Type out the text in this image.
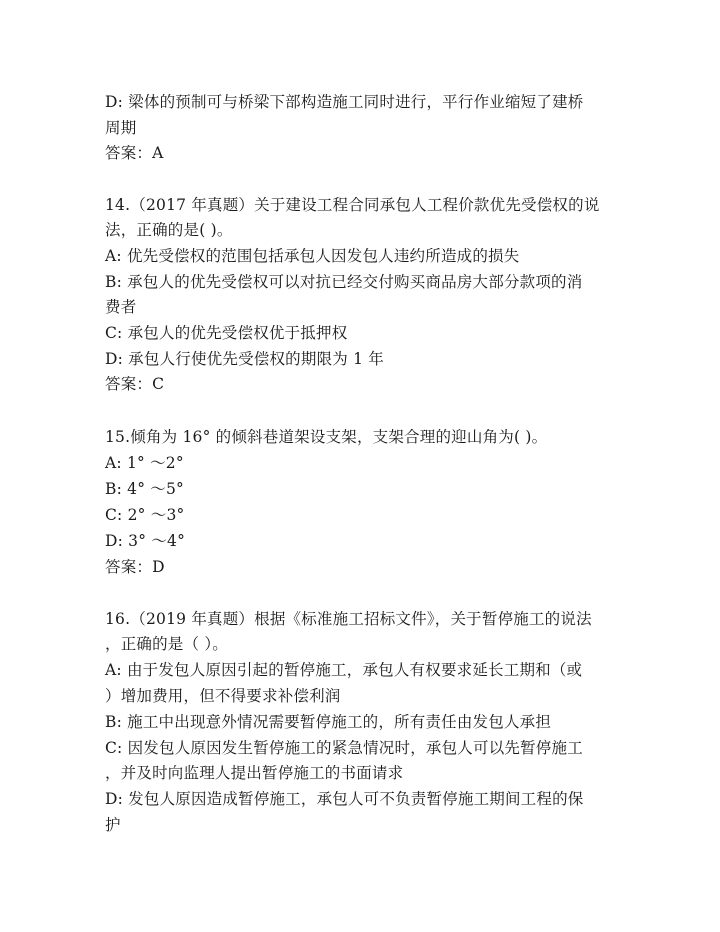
D: 梁体的预制可与桥梁下部构造施工同时进行，平行作业缩短了建桥
周期
答案：A
14.（2017 年真题）关于建设工程合同承包人工程价款优先受偿权的说
法，正确的是( )。
A: 优先受偿权的范围包括承包人因发包人违约所造成的损失
B: 承包人的优先受偿权可以对抗已经交付购买商品房大部分款项的消
费者
C: 承包人的优先受偿权优于抵押权
D: 承包人行使优先受偿权的期限为 1 年
答案：C
15.倾角为 16° 的倾斜巷道架设支架，支架合理的迎山角为( )。
A: 1° ～2°
B: 4° ～5°
C: 2° ～3°
D: 3° ～4°
答案：D
16.（2019 年真题）根据《标准施工招标文件》，关于暂停施工的说法
，正确的是（ ）。
A: 由于发包人原因引起的暂停施工，承包人有权要求延长工期和（或
）增加费用，但不得要求补偿利润
B: 施工中出现意外情况需要暂停施工的，所有责任由发包人承担
C: 因发包人原因发生暂停施工的紧急情况时，承包人可以先暂停施工
，并及时向监理人提出暂停施工的书面请求
D: 发包人原因造成暂停施工，承包人可不负责暂停施工期间工程的保
护
